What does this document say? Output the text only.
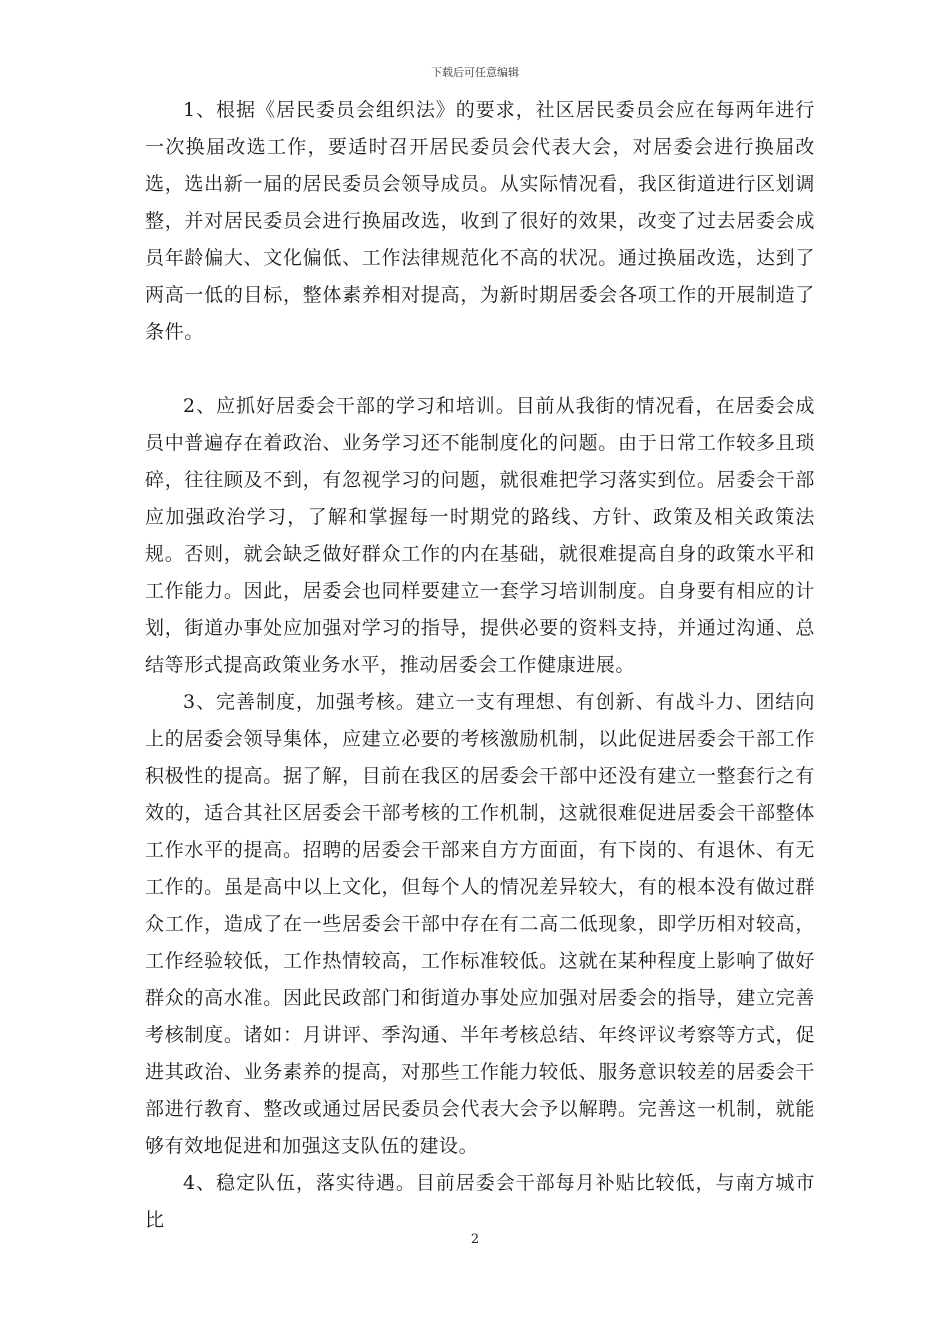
下载后可任意编辑

1、根据《居民委员会组织法》的要求，社区居民委员会应在每两年进行一次换届改选工作，要适时召开居民委员会代表大会，对居委会进行换届改选，选出新一届的居民委员会领导成员。从实际情况看，我区街道进行区划调整，并对居民委员会进行换届改选，收到了很好的效果，改变了过去居委会成员年龄偏大、文化偏低、工作法律规范化不高的状况。通过换届改选，达到了两高一低的目标，整体素养相对提高，为新时期居委会各项工作的开展制造了条件。

2、应抓好居委会干部的学习和培训。目前从我街的情况看，在居委会成员中普遍存在着政治、业务学习还不能制度化的问题。由于日常工作较多且琐碎，往往顾及不到，有忽视学习的问题，就很难把学习落实到位。居委会干部应加强政治学习，了解和掌握每一时期党的路线、方针、政策及相关政策法规。否则，就会缺乏做好群众工作的内在基础，就很难提高自身的政策水平和工作能力。因此，居委会也同样要建立一套学习培训制度。自身要有相应的计划，街道办事处应加强对学习的指导，提供必要的资料支持，并通过沟通、总结等形式提高政策业务水平，推动居委会工作健康进展。

3、完善制度，加强考核。建立一支有理想、有创新、有战斗力、团结向上的居委会领导集体，应建立必要的考核激励机制，以此促进居委会干部工作积极性的提高。据了解，目前在我区的居委会干部中还没有建立一整套行之有效的，适合其社区居委会干部考核的工作机制，这就很难促进居委会干部整体工作水平的提高。招聘的居委会干部来自方方面面，有下岗的、有退休、有无工作的。虽是高中以上文化，但每个人的情况差异较大，有的根本没有做过群众工作，造成了在一些居委会干部中存在有二高二低现象，即学历相对较高，工作经验较低，工作热情较高，工作标准较低。这就在某种程度上影响了做好群众的高水准。因此民政部门和街道办事处应加强对居委会的指导，建立完善考核制度。诸如：月讲评、季沟通、半年考核总结、年终评议考察等方式，促进其政治、业务素养的提高，对那些工作能力较低、服务意识较差的居委会干部进行教育、整改或通过居民委员会代表大会予以解聘。完善这一机制，就能够有效地促进和加强这支队伍的建设。

4、稳定队伍，落实待遇。目前居委会干部每月补贴比较低，与南方城市比

2
